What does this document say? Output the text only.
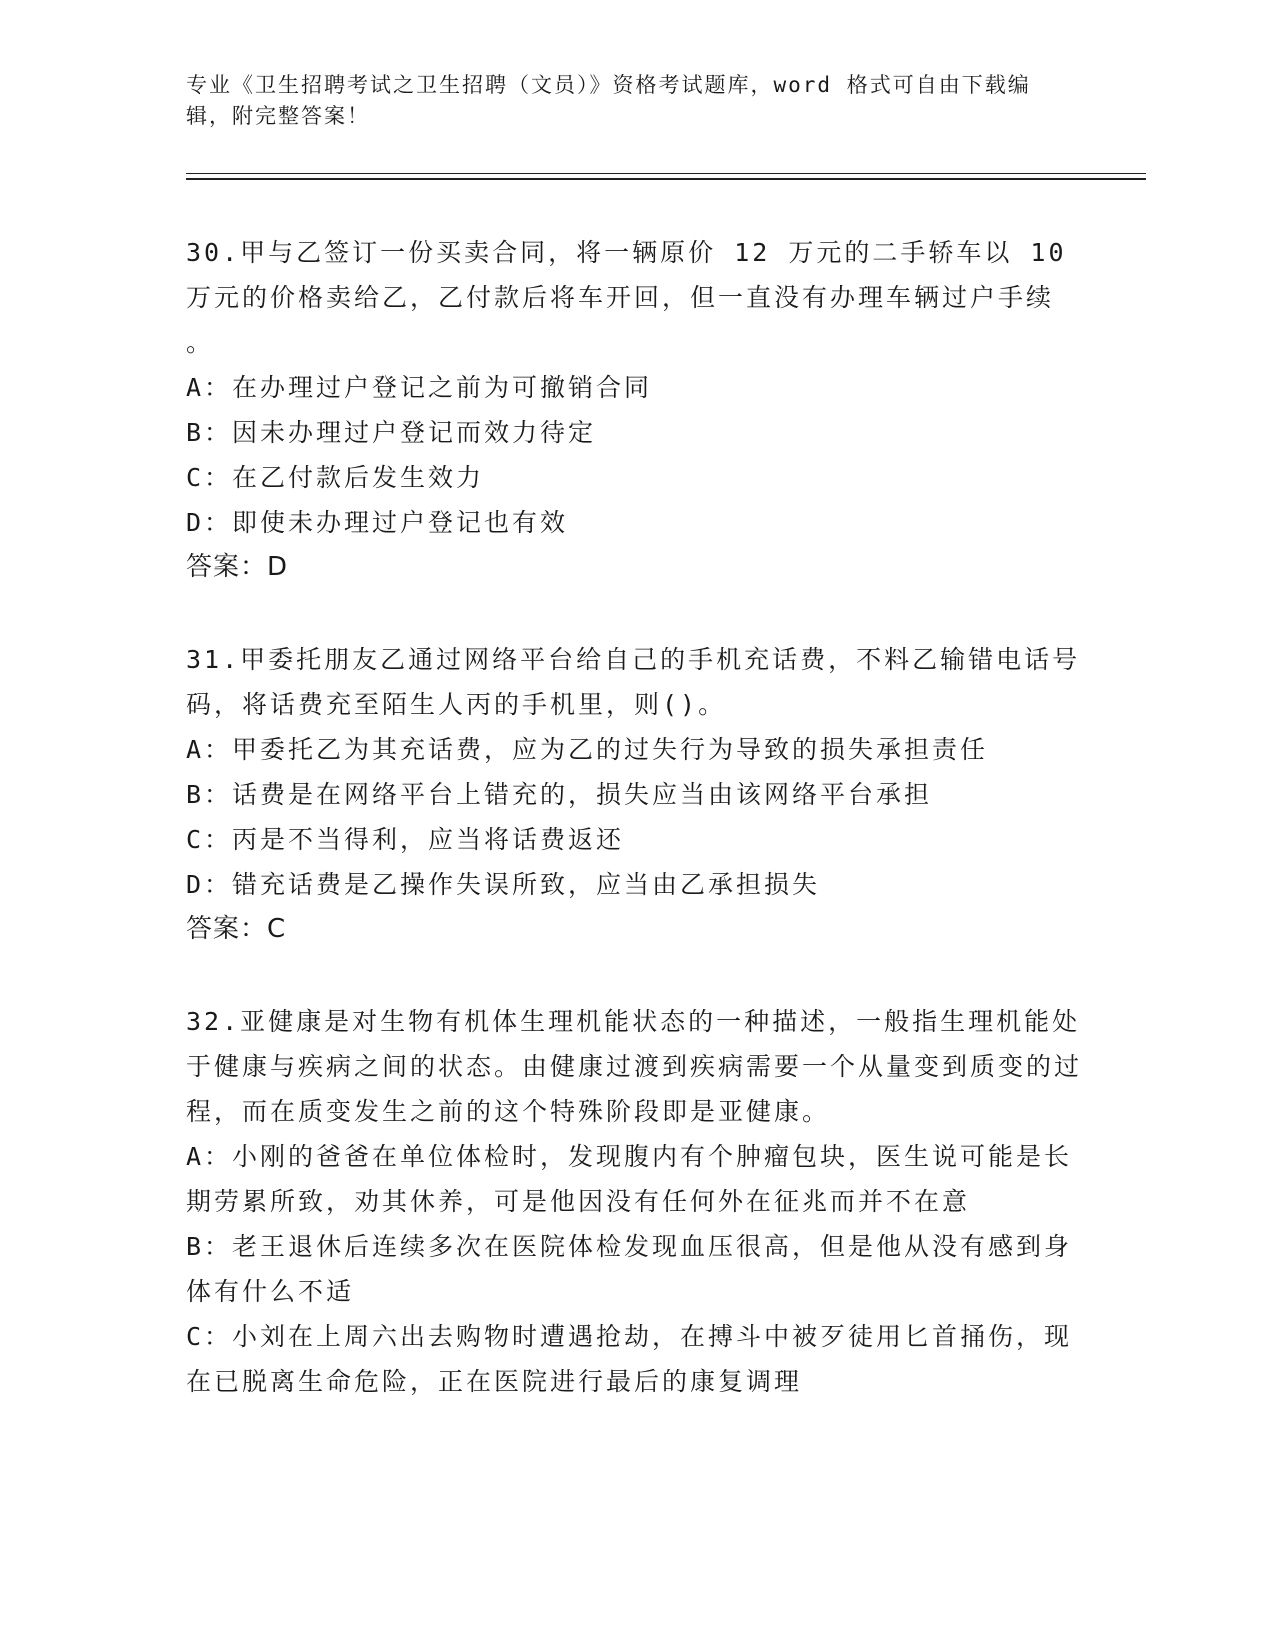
专业《卫生招聘考试之卫生招聘（文员）》资格考试题库，word 格式可自由下载编辑，附完整答案！

30.甲与乙签订一份买卖合同，将一辆原价 12 万元的二手轿车以 10 万元的价格卖给乙，乙付款后将车开回，但一直没有办理车辆过户手续 。

A：在办理过户登记之前为可撤销合同

B：因未办理过户登记而效力待定

C：在乙付款后发生效力

D：即使未办理过户登记也有效

答案：D

31.甲委托朋友乙通过网络平台给自己的手机充话费，不料乙输错电话号码，将话费充至陌生人丙的手机里，则()。

A：甲委托乙为其充话费，应为乙的过失行为导致的损失承担责任

B：话费是在网络平台上错充的，损失应当由该网络平台承担

C：丙是不当得利，应当将话费返还

D：错充话费是乙操作失误所致，应当由乙承担损失

答案：C

32.亚健康是对生物有机体生理机能状态的一种描述，一般指生理机能处于健康与疾病之间的状态。由健康过渡到疾病需要一个从量变到质变的过程，而在质变发生之前的这个特殊阶段即是亚健康。

A：小刚的爸爸在单位体检时，发现腹内有个肿瘤包块，医生说可能是长期劳累所致，劝其休养，可是他因没有任何外在征兆而并不在意

B：老王退休后连续多次在医院体检发现血压很高，但是他从没有感到身体有什么不适

C：小刘在上周六出去购物时遭遇抢劫，在搏斗中被歹徒用匕首捅伤，现在已脱离生命危险，正在医院进行最后的康复调理
